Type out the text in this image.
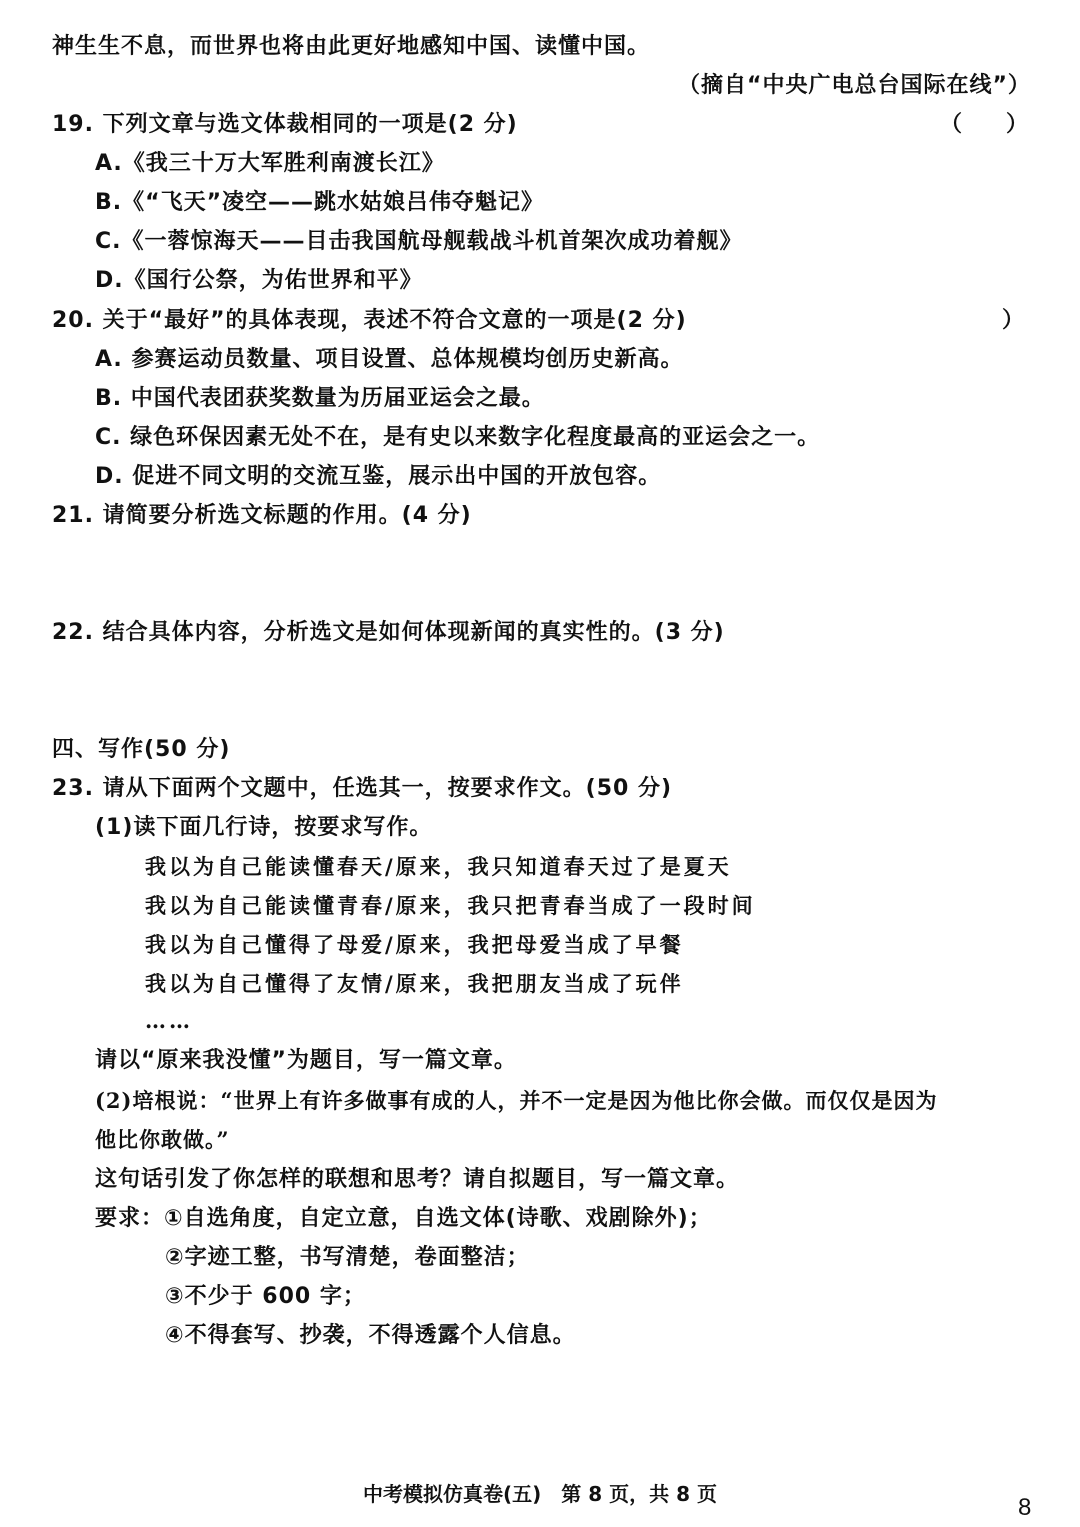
神生生不息，而世界也将由此更好地感知中国、读懂中国。
（摘自“中央广电总台国际在线”）
19. 下列文章与选文体裁相同的一项是(2 分)	（　　）
A.《我三十万大军胜利南渡长江》
B.《“飞天”凌空——跳水姑娘吕伟夺魁记》
C.《一蓉惊海天——目击我国航母舰载战斗机首架次成功着舰》
D.《国行公祭，为佑世界和平》
20. 关于“最好”的具体表现，表述不符合文意的一项是(2 分)	）
A. 参赛运动员数量、项目设置、总体规模均创历史新高。
B. 中国代表团获奖数量为历届亚运会之最。
C. 绿色环保因素无处不在，是有史以来数字化程度最高的亚运会之一。
D. 促进不同文明的交流互鉴，展示出中国的开放包容。
21. 请简要分析选文标题的作用。(4 分)
22. 结合具体内容，分析选文是如何体现新闻的真实性的。(3 分)
四、写作(50 分)
23. 请从下面两个文题中，任选其一，按要求作文。(50 分)
(1)读下面几行诗，按要求写作。
我以为自己能读懂春天/原来，我只知道春天过了是夏天
我以为自己能读懂青春/原来，我只把青春当成了一段时间
我以为自己懂得了母爱/原来，我把母爱当成了早餐
我以为自己懂得了友情/原来，我把朋友当成了玩伴
……
请以“原来我没懂”为题目，写一篇文章。
(2)培根说：“世界上有许多做事有成的人，并不一定是因为他比你会做。而仅仅是因为
他比你敢做。”
这句话引发了你怎样的联想和思考？请自拟题目，写一篇文章。
要求：①自选角度，自定立意，自选文体(诗歌、戏剧除外)；
②字迹工整，书写清楚，卷面整洁；
③不少于 600 字；
④不得套写、抄袭，不得透露个人信息。
中考模拟仿真卷(五)　第 8 页，共 8 页	8
